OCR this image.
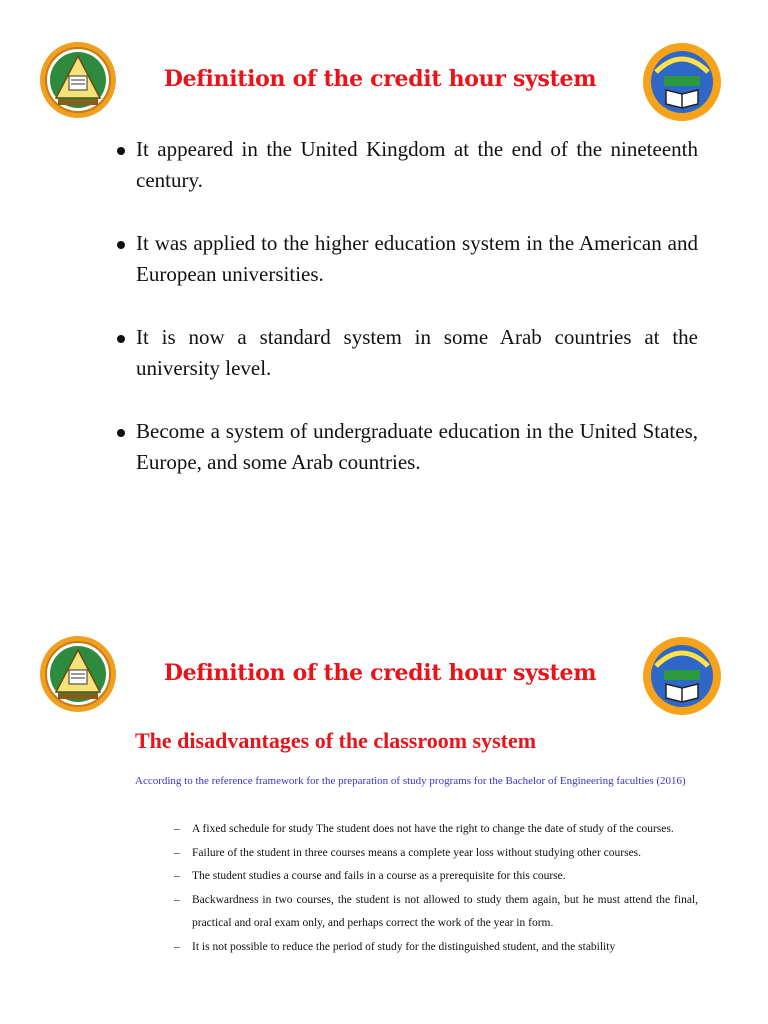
Definition of the credit hour system
It appeared in the United Kingdom at the end of the nineteenth century.
It was applied to the higher education system in the American and European universities.
It is now a standard system in some Arab countries at the university level.
Become a system of undergraduate education in the United States, Europe, and some Arab countries.
Definition of the credit hour system
The disadvantages of the classroom system
According to the reference framework for the preparation of study programs for the Bachelor of Engineering faculties (2016)
– A fixed schedule for study The student does not have the right to change the date of study of the courses.
– Failure of the student in three courses means a complete year loss without studying other courses.
– The student studies a course and fails in a course as a prerequisite for this course.
– Backwardness in two courses, the student is not allowed to study them again, but he must attend the final, practical and oral exam only, and perhaps correct the work of the year in form.
– It is not possible to reduce the period of study for the distinguished student, and the stability
